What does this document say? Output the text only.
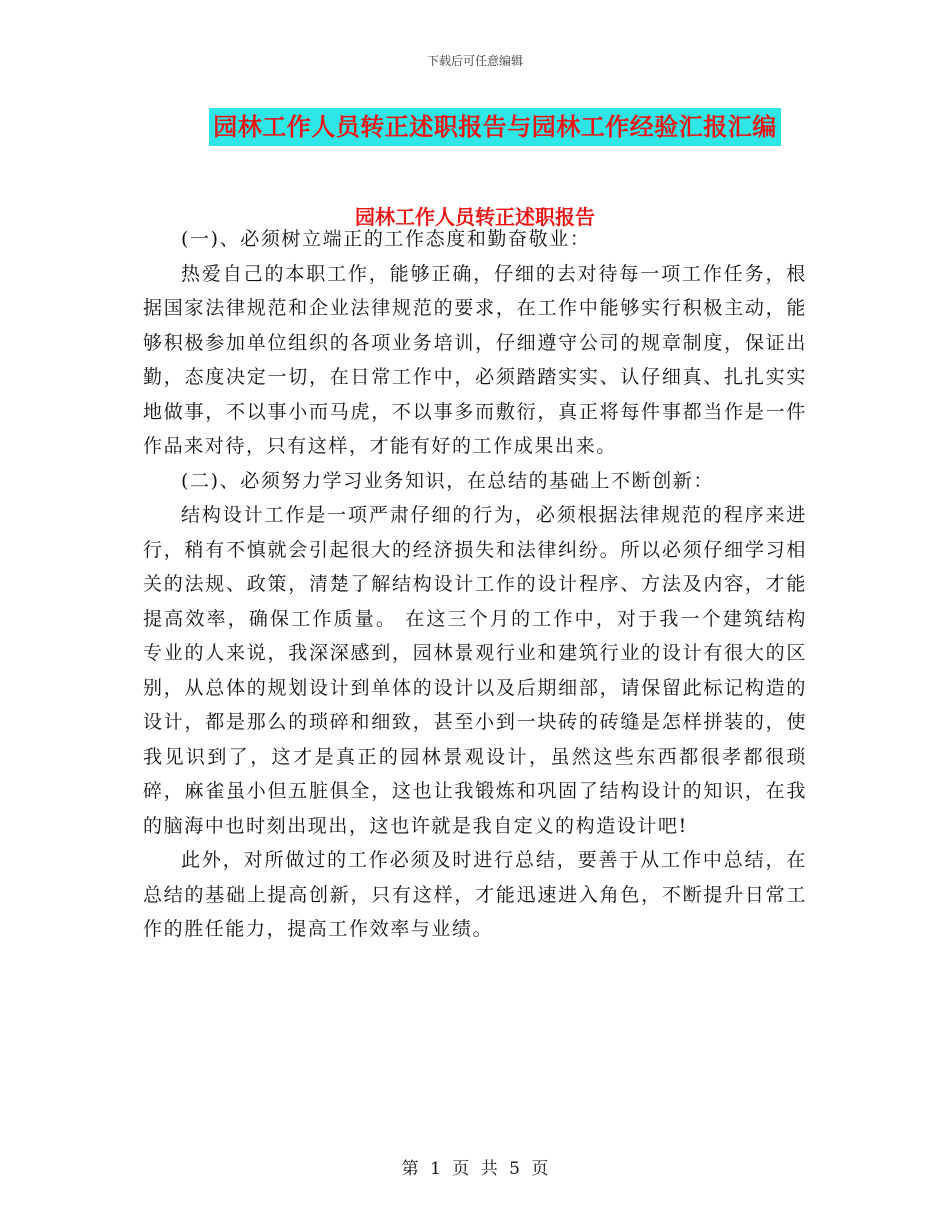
下载后可任意编辑
园林工作人员转正述职报告与园林工作经验汇报汇编
园林工作人员转正述职报告

(一)、必须树立端正的工作态度和勤奋敬业：

热爱自己的本职工作，能够正确，仔细的去对待每一项工作任务，根据国家法律规范和企业法律规范的要求，在工作中能够实行积极主动，能够积极参加单位组织的各项业务培训，仔细遵守公司的规章制度，保证出勤，态度决定一切，在日常工作中，必须踏踏实实、认仔细真、扎扎实实地做事，不以事小而马虎，不以事多而敷衍，真正将每件事都当作是一件作品来对待，只有这样，才能有好的工作成果出来。

(二)、必须努力学习业务知识，在总结的基础上不断创新：

结构设计工作是一项严肃仔细的行为，必须根据法律规范的程序来进行，稍有不慎就会引起很大的经济损失和法律纠纷。所以必须仔细学习相关的法规、政策，清楚了解结构设计工作的设计程序、方法及内容，才能提高效率，确保工作质量。 在这三个月的工作中，对于我一个建筑结构专业的人来说，我深深感到，园林景观行业和建筑行业的设计有很大的区别，从总体的规划设计到单体的设计以及后期细部，请保留此标记构造的设计，都是那么的琐碎和细致，甚至小到一块砖的砖缝是怎样拼装的，使我见识到了，这才是真正的园林景观设计，虽然这些东西都很孝都很琐碎，麻雀虽小但五脏俱全，这也让我锻炼和巩固了结构设计的知识，在我的脑海中也时刻出现出，这也许就是我自定义的构造设计吧!

此外，对所做过的工作必须及时进行总结，要善于从工作中总结，在总结的基础上提高创新，只有这样，才能迅速进入角色，不断提升日常工作的胜任能力，提高工作效率与业绩。

第 1 页 共 5 页
